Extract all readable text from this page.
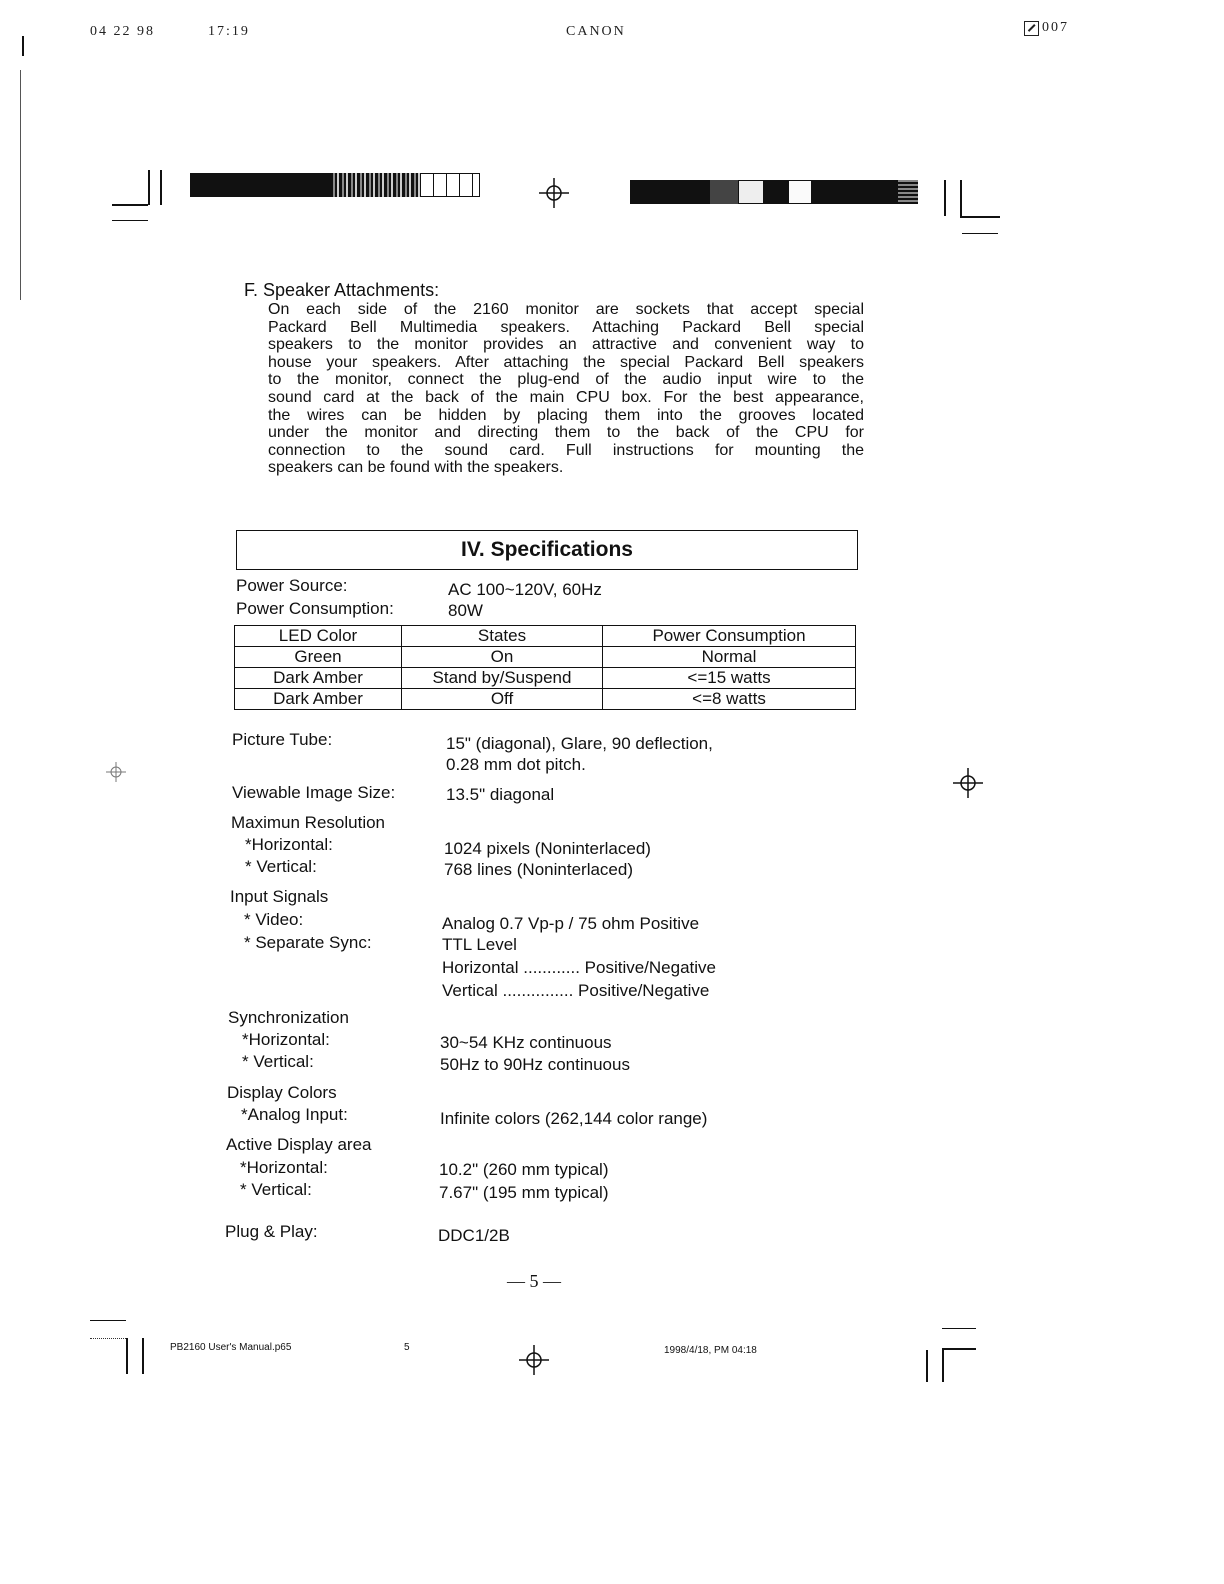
04 22 98	17:19	CANON	007
F. Speaker Attachments:
On each side of the 2160 monitor are sockets that accept special
Packard Bell Multimedia speakers. Attaching Packard Bell special
speakers to the monitor provides an attractive and convenient way to
house your speakers. After attaching the special Packard Bell speakers
to the monitor, connect the plug-end of the audio input wire to the
sound card at the back of the main CPU box. For the best appearance,
the wires can be hidden by placing them into the grooves located
under the monitor and directing them to the back of the CPU for
connection to the sound card. Full instructions for mounting the
speakers can be found with the speakers.
IV. Specifications
Power Source:	AC 100~120V, 60Hz
Power Consumption:	80W
LED Color	States	Power Consumption
Green	On	Normal
Dark Amber	Stand by/Suspend	<=15 watts
Dark Amber	Off	<=8 watts
Picture Tube:	15" (diagonal), Glare, 90 deflection,
0.28 mm dot pitch.
Viewable Image Size:	13.5" diagonal
Maximun Resolution
*Horizontal:	1024 pixels (Noninterlaced)
* Vertical:	768 lines (Noninterlaced)
Input Signals
* Video:	Analog 0.7 Vp-p / 75 ohm Positive
* Separate Sync:	TTL Level
Horizontal ............ Positive/Negative
Vertical ............... Positive/Negative
Synchronization
*Horizontal:	30~54 KHz continuous
* Vertical:	50Hz to 90Hz continuous
Display Colors
*Analog Input:	Infinite colors (262,144 color range)
Active Display area
*Horizontal:	10.2" (260 mm typical)
* Vertical:	7.67" (195 mm typical)
Plug & Play:	DDC1/2B
— 5 —
PB2160 User's Manual.p65	5	1998/4/18, PM 04:18
